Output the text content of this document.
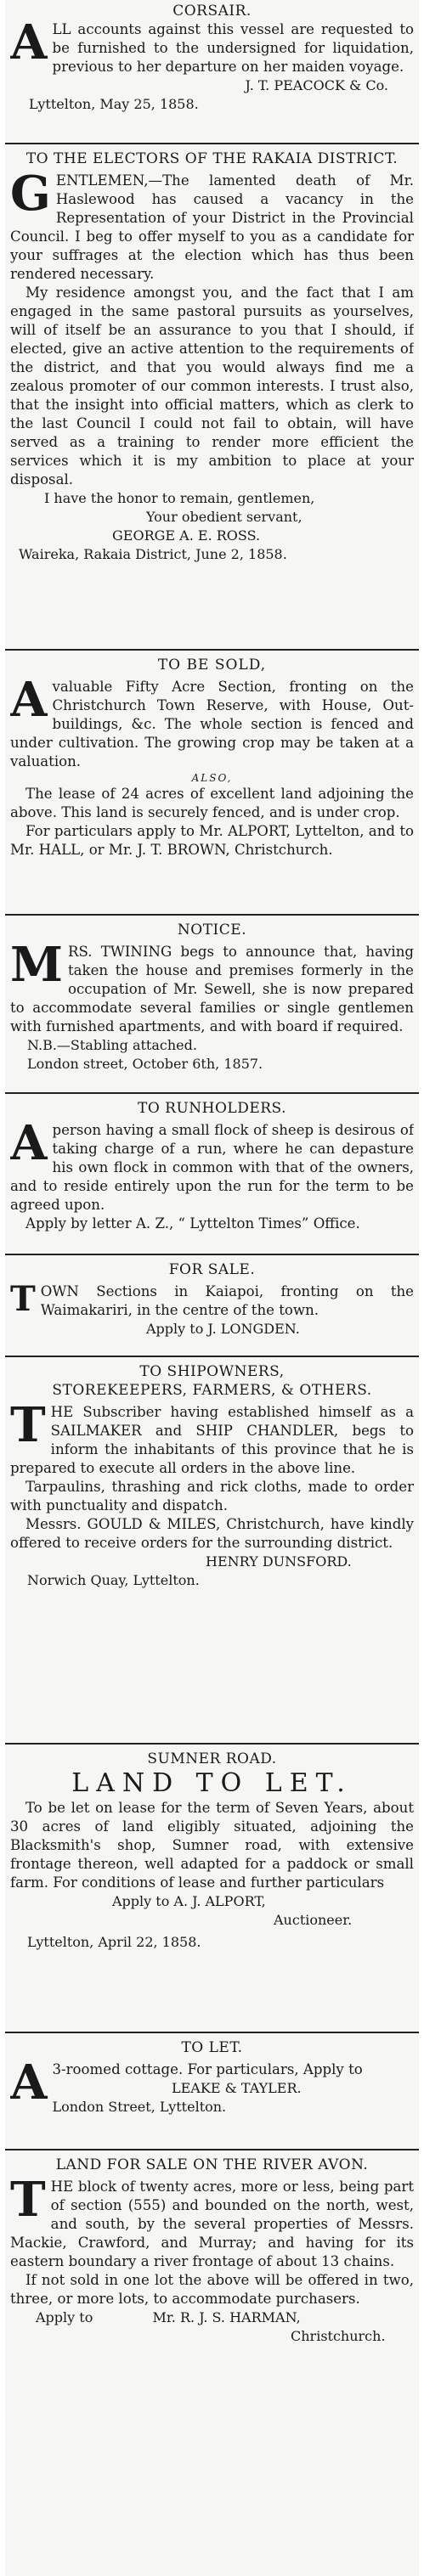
CORSAIR.

ALL accounts against this vessel are requested to be furnished to the undersigned for liquidation, previous to her departure on her maiden voyage.

J. T. PEACOCK & Co.
Lyttelton, May 25, 1858.
TO THE ELECTORS OF THE RAKAIA DISTRICT.

GENTLEMEN,—The lamented death of Mr. Haslewood has caused a vacancy in the Representation of your District in the Provincial Council. I beg to offer myself to you as a candidate for your suffrages at the election which has thus been rendered necessary.

My residence amongst you, and the fact that I am engaged in the same pastoral pursuits as yourselves, will of itself be an assurance to you that I should, if elected, give an active attention to the requirements of the district, and that you would always find me a zealous promoter of our common interests. I trust also, that the insight into official matters, which as clerk to the last Council I could not fail to obtain, will have served as a training to render more efficient the services which it is my ambition to place at your disposal.

I have the honor to remain, gentlemen,
Your obedient servant,
GEORGE A. E. ROSS.
Waireka, Rakaia District, June 2, 1858.
TO BE SOLD,

Avaluable Fifty Acre Section, fronting on the Christchurch Town Reserve, with House, Out-buildings, &c. The whole section is fenced and under cultivation. The growing crop may be taken at a valuation.

ALSO,

The lease of 24 acres of excellent land adjoining the above. This land is securely fenced, and is under crop.

For particulars apply to Mr. ALPORT, Lyttelton, and to Mr. HALL, or Mr. J. T. BROWN, Christchurch.

NOTICE.

MRS. TWINING begs to announce that, having taken the house and premises formerly in the occupation of Mr. Sewell, she is now prepared to accommodate several families or single gentlemen with furnished apartments, and with board if required.

N.B.—Stabling attached.
London street, October 6th, 1857.
TO RUNHOLDERS.

Aperson having a small flock of sheep is desirous of taking charge of a run, where he can depasture his own flock in common with that of the owners, and to reside entirely upon the run for the term to be agreed upon.

Apply by letter A. Z., “ Lyttelton Times” Office.

FOR SALE.

TOWN Sections in Kaiapoi, fronting on the Waimakariri, in the centre of the town.

Apply to J. LONGDEN.
TO SHIPOWNERS,
STOREKEEPERS, FARMERS, & OTHERS.

THE Subscriber having established himself as a SAILMAKER and SHIP CHANDLER, begs to inform the inhabitants of this province that he is prepared to execute all orders in the above line.

Tarpaulins, thrashing and rick cloths, made to order with punctuality and dispatch.

Messrs. GOULD & MILES, Christchurch, have kindly offered to receive orders for the surrounding district.

HENRY DUNSFORD.
Norwich Quay, Lyttelton.
SUMNER ROAD.
LAND TO LET.

To be let on lease for the term of Seven Years, about 30 acres of land eligibly situated, adjoining the Blacksmith's shop, Sumner road, with extensive frontage thereon, well adapted for a paddock or small farm. For conditions of lease and further particulars

Apply to A. J. ALPORT,
Auctioneer.
Lyttelton, April 22, 1858.
TO LET.

A 3-roomed cottage. For particulars, Apply to

LEAKE & TAYLER.
London Street, Lyttelton.
LAND FOR SALE ON THE RIVER AVON.

THE block of twenty acres, more or less, being part of section (555) and bounded on the north, west, and south, by the several properties of Messrs. Mackie, Crawford, and Murray; and having for its eastern boundary a river frontage of about 13 chains.

If not sold in one lot the above will be offered in two, three, or more lots, to accommodate purchasers.

Apply to	Mr. R. J. S. HARMAN,
Christchurch.
